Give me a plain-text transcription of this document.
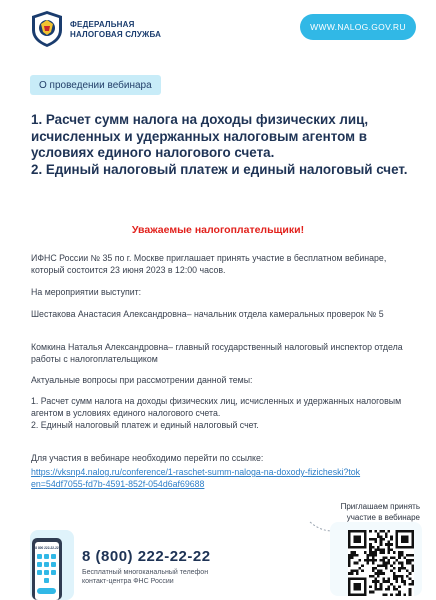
ФЕДЕРАЛЬНАЯ
НАЛОГОВАЯ СЛУЖБА
WWW.NALOG.GOV.RU
О проведении вебинара

1. Расчет сумм налога на доходы физических лиц, исчисленных и удержанных налоговым агентом в условиях единого налогового счета.

2. Единый налоговый платеж и единый налоговый счет.

Уважаемые налогоплательщики!
ИФНС России № 35 по г. Москве приглашает принять участие в бесплатном вебинаре, который состоится 23 июня 2023 в 12:00 часов.
На мероприятии выступит:
Шестакова Анастасия Александровна– начальник отдела камеральных проверок № 5
Комкина Наталья Александровна– главный государственный налоговый инспектор отдела работы с налогоплательщиком
Актуальные вопросы при рассмотрении данной темы:
1. Расчет сумм налога на доходы физических лиц, исчисленных и удержанных налоговым агентом в условиях единого налогового счета.
2. Единый налоговый платеж и единый налоговый счет.
Для участия в вебинаре необходимо перейти по ссылке:
https://vksnp4.nalog.ru/conference/1-raschet-summ-naloga-na-doxody-fizicheski?token=54df7055-fd7b-4591-852f-054d6af69688
Приглашаем принять
участие в вебинаре
8 800 222-22-22 8 (800) 222-22-22
Бесплатный многоканальный телефон
контакт-центра ФНС России
